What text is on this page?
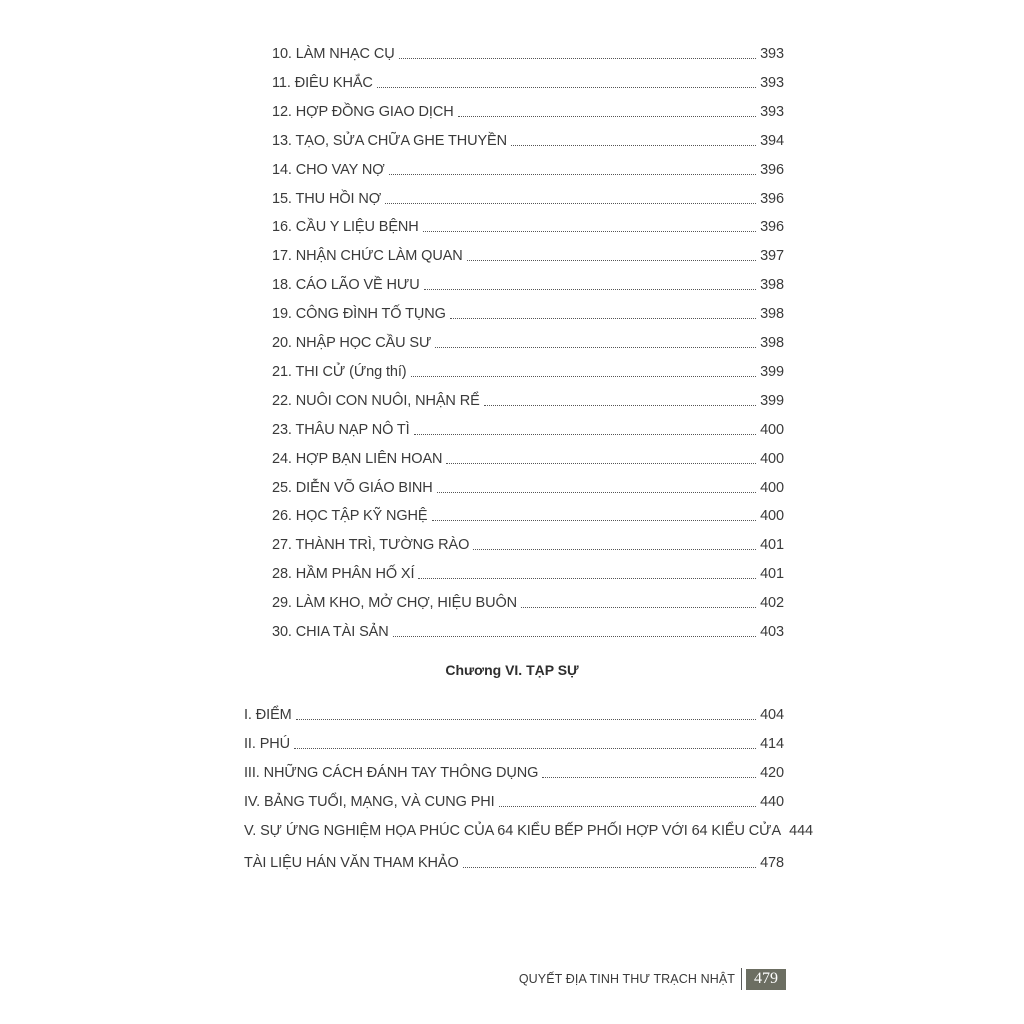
10. LÀM NHẠC CỤ	393
11. ĐIÊU KHẮC	393
12. HỢP ĐỒNG GIAO DỊCH	393
13. TẠO, SỬA CHỮA GHE THUYỀN	394
14. CHO VAY NỢ	396
15. THU HỒI NỢ	396
16. CẦU Y LIỆU BỆNH	396
17. NHẬN CHỨC LÀM QUAN	397
18. CÁO LÃO VỀ HƯU	398
19. CÔNG ĐÌNH TỐ TỤNG	398
20. NHẬP HỌC CẦU SƯ	398
21. THI CỬ (Ứng thí)	399
22. NUÔI CON NUÔI, NHẬN RỂ	399
23. THÂU NẠP NÔ TÌ	400
24. HỢP BẠN LIÊN HOAN	400
25. DIỄN VÕ GIÁO BINH	400
26. HỌC TẬP KỸ NGHỆ	400
27. THÀNH TRÌ, TƯỜNG RÀO	401
28. HẦM PHÂN HỐ XÍ	401
29. LÀM KHO, MỞ CHỢ, HIỆU BUÔN	402
30. CHIA TÀI SẢN	403
Chương VI. TẠP SỰ
I. ĐIỂM	404
II. PHÚ	414
III. NHỮNG CÁCH ĐÁNH TAY THÔNG DỤNG	420
IV. BẢNG TUỔI, MẠNG, VÀ CUNG PHI	440
V. SỰ ỨNG NGHIỆM HỌA PHÚC CỦA 64 KIỂU BẾP PHỐI HỢP VỚI 64 KIỂU CỬA 444
TÀI LIỆU HÁN VĂN THAM KHẢO	478
QUYẾT ĐỊA TINH THƯ TRẠCH NHẬT	479
